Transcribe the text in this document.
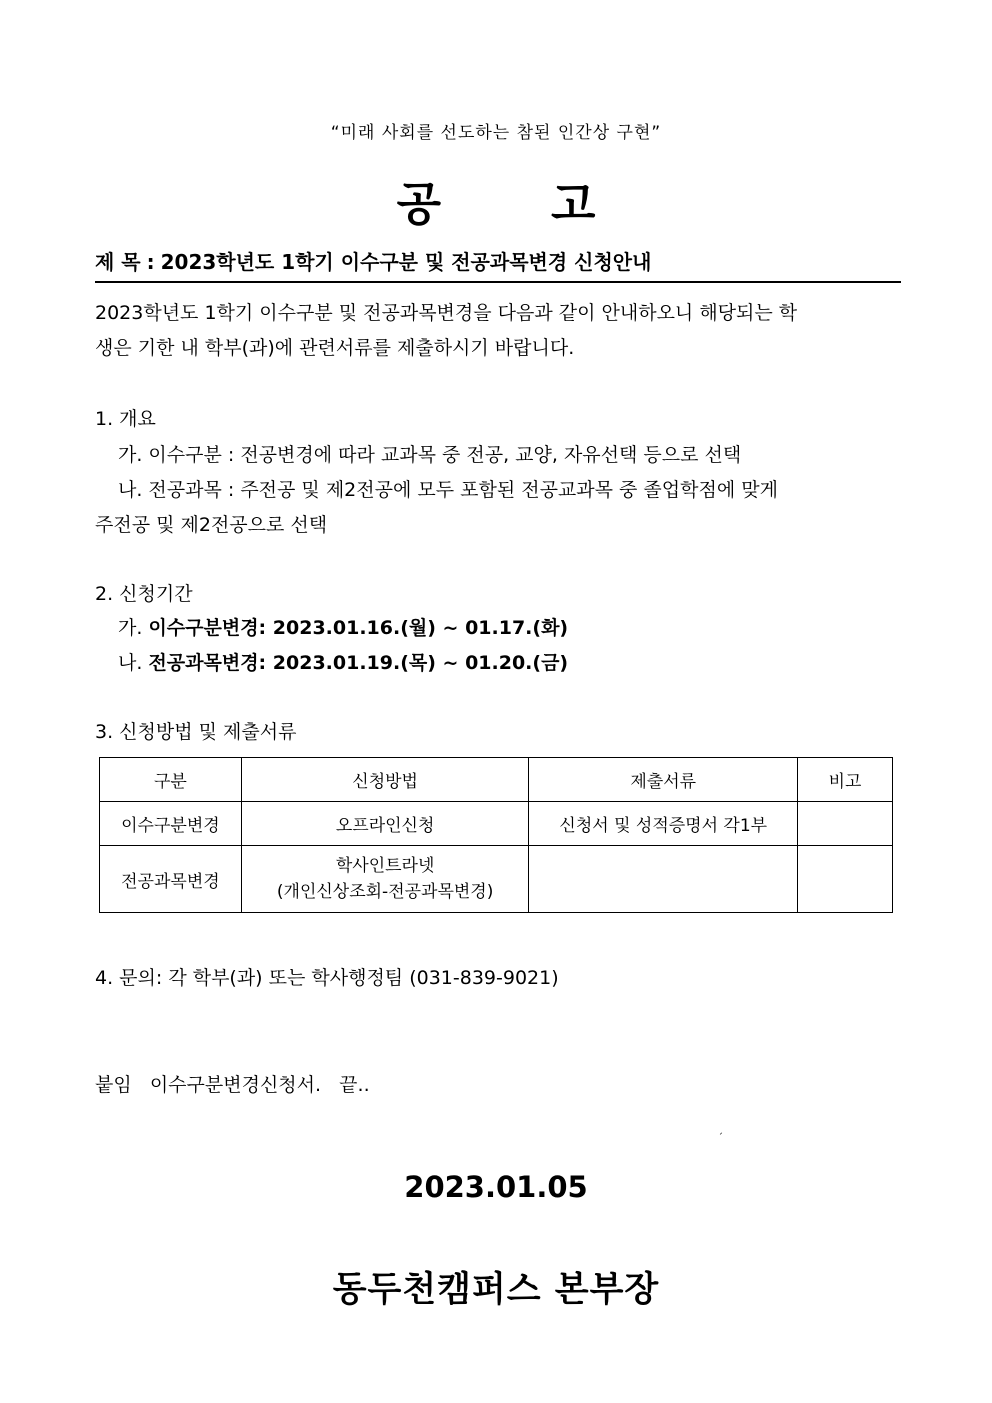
“미래 사회를 선도하는 참된 인간상 구현”
공 고
제 목 : 2023학년도 1학기 이수구분 및 전공과목변경 신청안내
2023학년도 1학기 이수구분 및 전공과목변경을 다음과 같이 안내하오니 해당되는 학
생은 기한 내 학부(과)에 관련서류를 제출하시기 바랍니다.
1. 개요
가. 이수구분 : 전공변경에 따라 교과목 중 전공, 교양, 자유선택 등으로 선택
나. 전공과목 : 주전공 및 제2전공에 모두 포함된 전공교과목 중 졸업학점에 맞게
주전공 및 제2전공으로 선택
2. 신청기간
가. 이수구분변경: 2023.01.16.(월) ~ 01.17.(화)
나. 전공과목변경: 2023.01.19.(목) ~ 01.20.(금)
3. 신청방법 및 제출서류
구분	신청방법	제출서류	비고
이수구분변경	오프라인신청	신청서 및 성적증명서 각1부	
전공과목변경	학사인트라넷
(개인신상조회-전공과목변경)		

4. 문의: 각 학부(과) 또는 학사행정팀 (031-839-9021)
붙임   이수구분변경신청서.   끝..
ˏ
2023.01.05
동두천캠퍼스 본부장
